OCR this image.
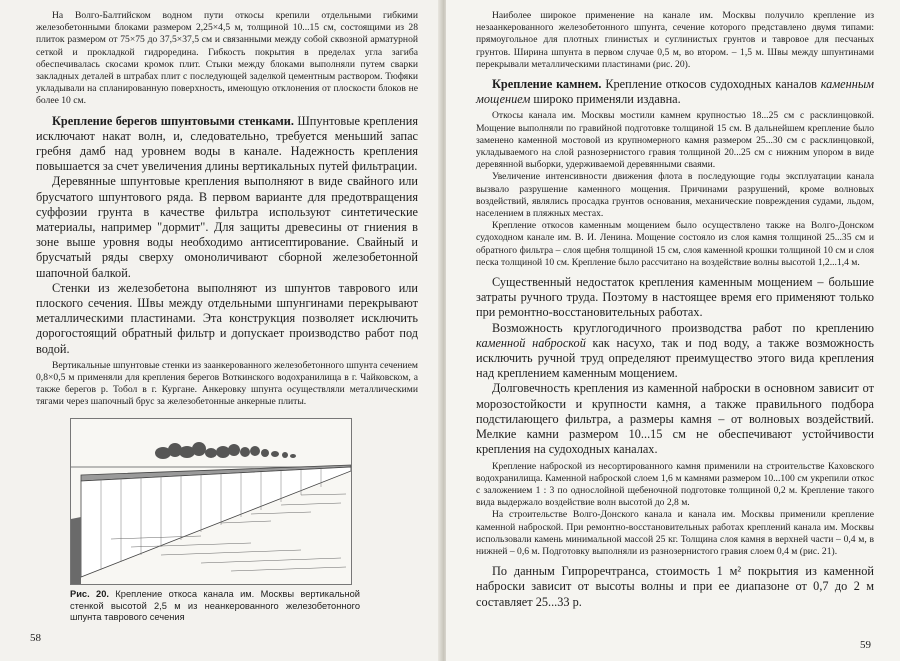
На Волго-Балтийском водном пути откосы крепили отдельными гибкими железобетонными блоками размером 2,25×4,5 м, толщиной 10...15 см, состоящими из 28 плиток размером от 75×75 до 37,5×37,5 см и связанными между собой сквозной арматурной сеткой и прокладкой гидроредина. Гибкость покрытия в пределах угла загиба обеспечивалась скосами кромок плит. Стыки между блоками выполняли путем сварки закладных деталей в штрабах плит с последующей заделкой цементным раствором. Тюфяки укладывали на спланированную поверхность, имеющую отклонения от плоскости блоков не более 10 см.

Крепление берегов шпунтовыми стенками. Шпунтовые крепления исключают накат волн, и, следовательно, требуется меньший запас гребня дамб над уровнем воды в канале. Надежность крепления повышается за счет увеличения длины вертикальных путей фильтрации.

Деревянные шпунтовые крепления выполняют в виде свайного или брусчатого шпунтового ряда. В первом варианте для предотвращения суффозии грунта в качестве фильтра используют синтетические материалы, например "дормит". Для защиты древесины от гниения в зоне выше уровня воды необходимо антисептирование. Свайный и брусчатый ряды сверху омоноличивают сборной железобетонной шапочной балкой.

Стенки из железобетона выполняют из шпунтов таврового или плоского сечения. Швы между отдельными шпунгинами перекрывают металлическими пластинами. Эта конструкция позволяет исключить дорогостоящий обратный фильтр и допускает производство работ под водой.

Вертикальные шпунтовые стенки из заанкерованного железобетонного шпунта сечением 0,8×0,5 м применяли для крепления берегов Воткинского водохранилища в г. Чайковском, а также берегов р. Тобол в г. Кургане. Анкеровку шпунта осуществляли металлическими тягами через шапочный брус за железобетонные анкерные плиты.

Рис. 20. Крепление откоса канала им. Москвы вертикальной стенкой высотой 2,5 м из неанкерованного железобетонного шпунта таврового сечения
58

Наиболее широкое применение на канале им. Москвы получило крепление из незаанкерованного железобетонного шпунта, сечение которого представлено двумя типами: прямоугольное для плотных глинистых и суглинистых грунтов и тавровое для песчаных грунтов. Ширина шпунта в первом случае 0,5 м, во втором. – 1,5 м. Швы между шпунтинами перекрывали металлическими пластинами (рис. 20).

Крепление камнем. Крепление откосов судоходных каналов каменным мощением широко применяли издавна.

Откосы канала им. Москвы мостили камнем крупностью 18...25 см с расклинцовкой. Мощение выполняли по гравийной подготовке толщиной 15 см. В дальнейшем крепление было заменено каменной мостовой из крупномерного камня размером 25...30 см с расклинцовкой, укладываемого на слой разнозернистого гравия толщиной 20...25 см с нижним упором в виде деревянной выборки, удерживаемой деревянными сваями.

Увеличение интенсивности движения флота в последующие годы эксплуатации канала вызвало разрушение каменного мощения. Причинами разрушений, кроме волновых воздействий, являлись просадка грунтов основания, механические повреждения судами, льдом, населением в пляжных местах.

Крепление откосов каменным мощением было осуществлено также на Волго-Донском судоходном канале им. В. И. Ленина. Мощение состояло из слоя камня толщиной 25...35 см и обратного фильтра – слоя щебня толщиной 15 см, слоя каменной крошки толщиной 10 см и слоя песка толщиной 10 см. Крепление было рассчитано на воздействие волны высотой 1,2...1,4 м.

Существенный недостаток крепления каменным мощением – большие затраты ручного труда. Поэтому в настоящее время его применяют только при ремонтно-восстановительных работах.

Возможность круглогодичного производства работ по креплению каменной наброской как насухо, так и под воду, а также возможность исключить ручной труд определяют преимущество этого вида крепления над креплением каменным мощением.

Долговечность крепления из каменной наброски в основном зависит от морозостойкости и крупности камня, а также правильного подбора подстилающего фильтра, а размеры камня – от волновых воздействий. Мелкие камни размером 10...15 см не обеспечивают устойчивости крепления на судоходных каналах.

Крепление наброской из несортированного камня применили на строительстве Каховского водохранилища. Каменной наброской слоем 1,6 м камнями размером 10...100 см укрепили откос с заложением 1 : 3 по однослойной щебеночной подготовке толщиной 0,2 м. Крепление такого вида выдержало воздействие волн высотой до 2,8 м.

На строительстве Волго-Донского канала и канала им. Москвы применили крепление каменной наброской. При ремонтно-восстановительных работах креплений канала им. Москвы использовали камень минимальной массой 25 кг. Толщина слоя камня в верхней части – 0,4 м, в нижней – 0,6 м. Подготовку выполняли из разнозернистого гравия слоем 0,4 м (рис. 21).

По данным Гипроречтранса, стоимость 1 м² покрытия из каменной наброски зависит от высоты волны и при ее диапазоне от 0,7 до 2 м составляет 25...33 р.

59
